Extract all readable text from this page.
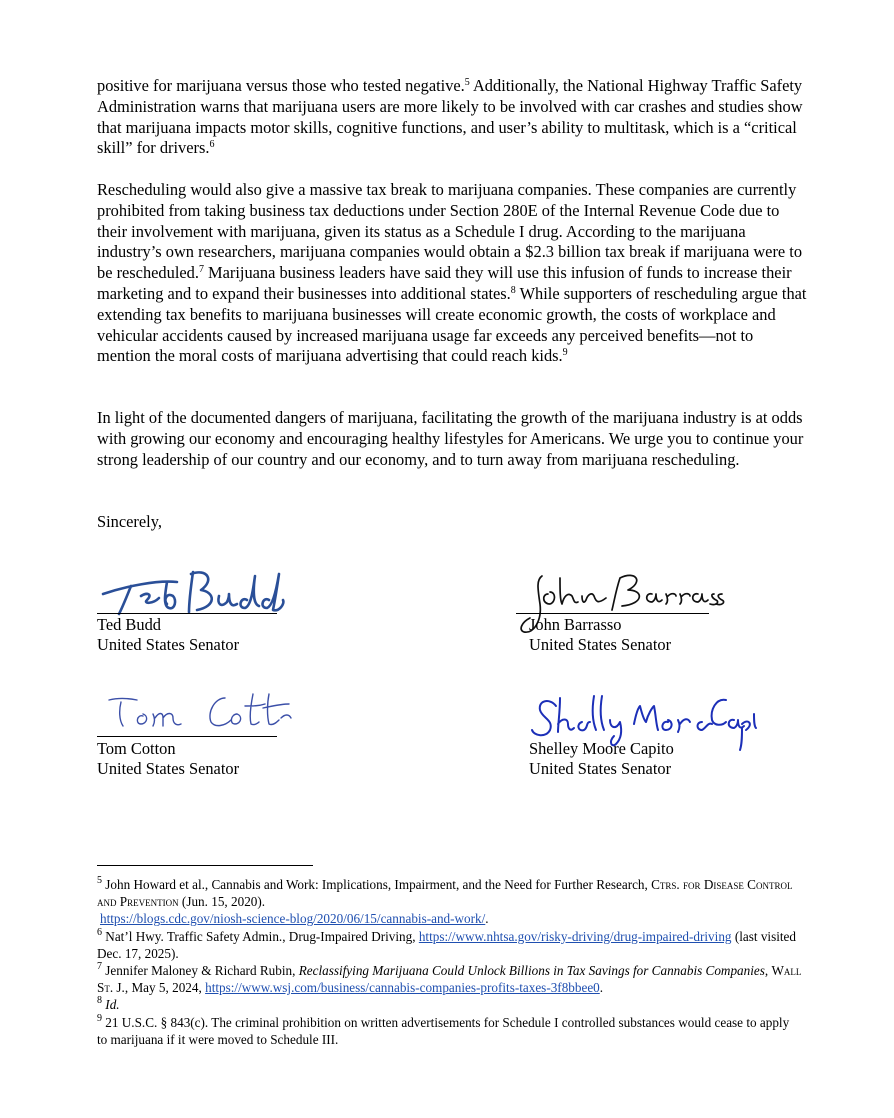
positive for marijuana versus those who tested negative.$^5$ Additionally, the National Highway Traffic Safety Administration warns that marijuana users are more likely to be involved with car crashes and studies show that marijuana impacts motor skills, cognitive functions, and user’s ability to multitask, which is a “critical skill” for drivers.$^6$

Rescheduling would also give a massive tax break to marijuana companies. These companies are currently prohibited from taking business tax deductions under Section 280E of the Internal Revenue Code due to their involvement with marijuana, given its status as a Schedule I drug. According to the marijuana industry’s own researchers, marijuana companies would obtain a $2.3 billion tax break if marijuana were to be rescheduled.$^7$ Marijuana business leaders have said they will use this infusion of funds to increase their marketing and to expand their businesses into additional states.$^8$ While supporters of rescheduling argue that extending tax benefits to marijuana businesses will create economic growth, the costs of workplace and vehicular accidents caused by increased marijuana usage far exceeds any perceived benefits—not to mention the moral costs of marijuana advertising that could reach kids.$^9$

In light of the documented dangers of marijuana, facilitating the growth of the marijuana industry is at odds with growing our economy and encouraging healthy lifestyles for Americans. We urge you to continue your strong leadership of our country and our economy, and to turn away from marijuana rescheduling.

Sincerely,

Ted Budd
United States Senator
John Barrasso
United States Senator
Tom Cotton
United States Senator
Shelley Moore Capito
United States Senator

$^5$ John Howard et al., Cannabis and Work: Implications, Impairment, and the Need for Further Research, Ctrs. for Disease Control and Prevention (Jun. 15, 2020).
https://blogs.cdc.gov/niosh-science-blog/2020/06/15/cannabis-and-work/.

$^6$ Nat’l Hwy. Traffic Safety Admin., Drug-Impaired Driving, https://www.nhtsa.gov/risky-driving/drug-impaired-driving (last visited Dec. 17, 2025).

$^7$ Jennifer Maloney & Richard Rubin, Reclassifying Marijuana Could Unlock Billions in Tax Savings for Cannabis Companies, Wall St. J., May 5, 2024, https://www.wsj.com/business/cannabis-companies-profits-taxes-3f8bbee0.

$^8$ Id.

$^9$ 21 U.S.C. § 843(c). The criminal prohibition on written advertisements for Schedule I controlled substances would cease to apply to marijuana if it were moved to Schedule III.
